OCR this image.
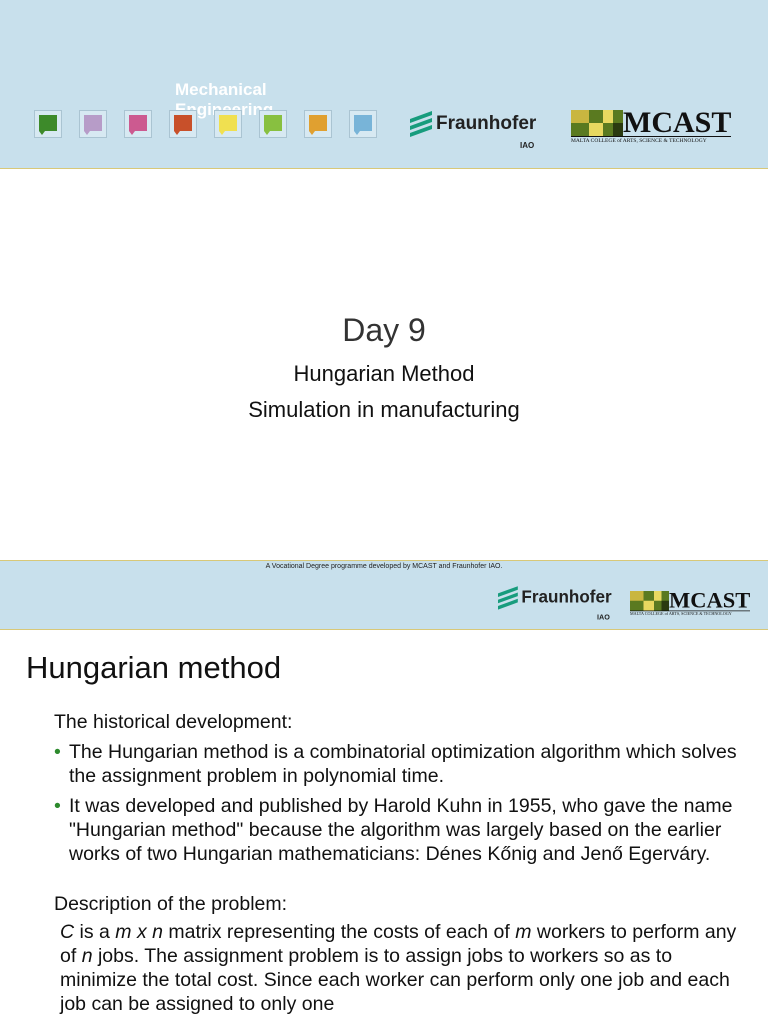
Mechanical
Fraunhofer
IAO
MCAST
MALTA COLLEGE of ARTS, SCIENCE & TECHNOLOGY
Day 9
Hungarian Method
Simulation in manufacturing
A Vocational Degree programme developed by MCAST and Fraunhofer IAO.
Fraunhofer
IAO
MCAST
MALTA COLLEGE of ARTS, SCIENCE & TECHNOLOGY
Hungarian method

The historical development:

• The Hungarian method is a combinatorial optimization algorithm which solves the assignment problem in polynomial time.
• It was developed and published by Harold Kuhn in 1955, who gave the name "Hungarian method" because the algorithm was largely based on the earlier works of two Hungarian mathematicians: Dénes Kőnig and Jenő Egerváry.

Description of the problem:

C is a m x n matrix representing the costs of each of m workers to perform any of n jobs. The assignment problem is to assign jobs to workers so as to minimize the total cost. Since each worker can perform only one job and each job can be assigned to only one
